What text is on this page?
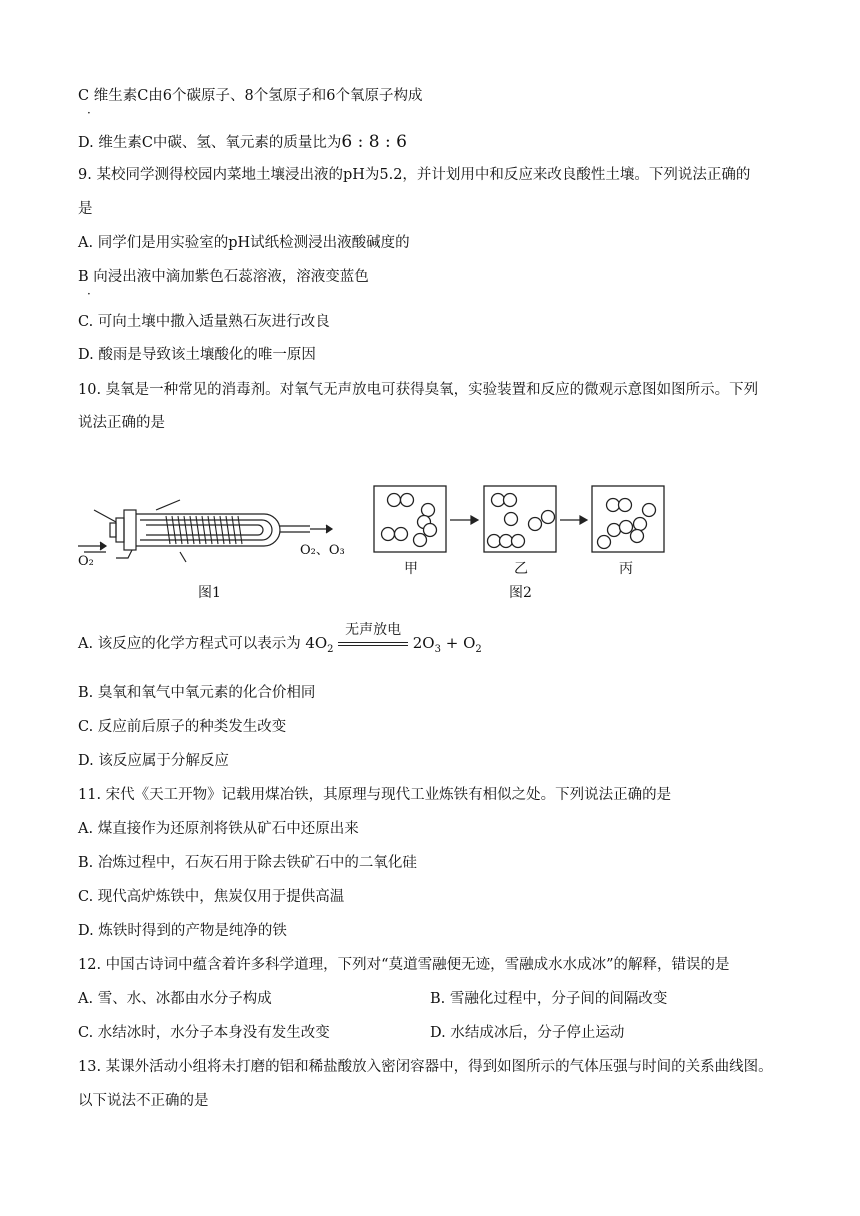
C 维生素C由6个碳原子、8个氢原子和6个氧原子构成
·
D. 维生素C中碳、氢、氧元素的质量比为6 : 8 : 6
9. 某校同学测得校园内菜地土壤浸出液的pH为5.2，并计划用中和反应来改良酸性土壤。下列说法正确的
是
A. 同学们是用实验室的pH试纸检测浸出液酸碱度的
B 向浸出液中滴加紫色石蕊溶液，溶液变蓝色
·
C. 可向土壤中撒入适量熟石灰进行改良
D. 酸雨是导致该土壤酸化的唯一原因
10. 臭氧是一种常见的消毒剂。对氧气无声放电可获得臭氧，实验装置和反应的微观示意图如图所示。下列
说法正确的是
O₂
O₂、O₃
图1
甲	乙	丙
图2
A. 该反应的化学方程式可以表示为 $4O_2$
无声放电
$2O_3 + O_2$
B. 臭氧和氧气中氧元素的化合价相同
C. 反应前后原子的种类发生改变
D. 该反应属于分解反应
11. 宋代《天工开物》记载用煤冶铁，其原理与现代工业炼铁有相似之处。下列说法正确的是
A. 煤直接作为还原剂将铁从矿石中还原出来
B. 冶炼过程中，石灰石用于除去铁矿石中的二氧化硅
C. 现代高炉炼铁中，焦炭仅用于提供高温
D. 炼铁时得到的产物是纯净的铁
12. 中国古诗词中蕴含着许多科学道理，下列对“莫道雪融便无迹，雪融成水水成冰”的解释，错误的是
A. 雪、水、冰都由水分子构成	B. 雪融化过程中，分子间的间隔改变
C. 水结冰时，水分子本身没有发生改变	D. 水结成冰后，分子停止运动
13. 某课外活动小组将未打磨的铝和稀盐酸放入密闭容器中，得到如图所示的气体压强与时间的关系曲线图。
以下说法不正确的是
